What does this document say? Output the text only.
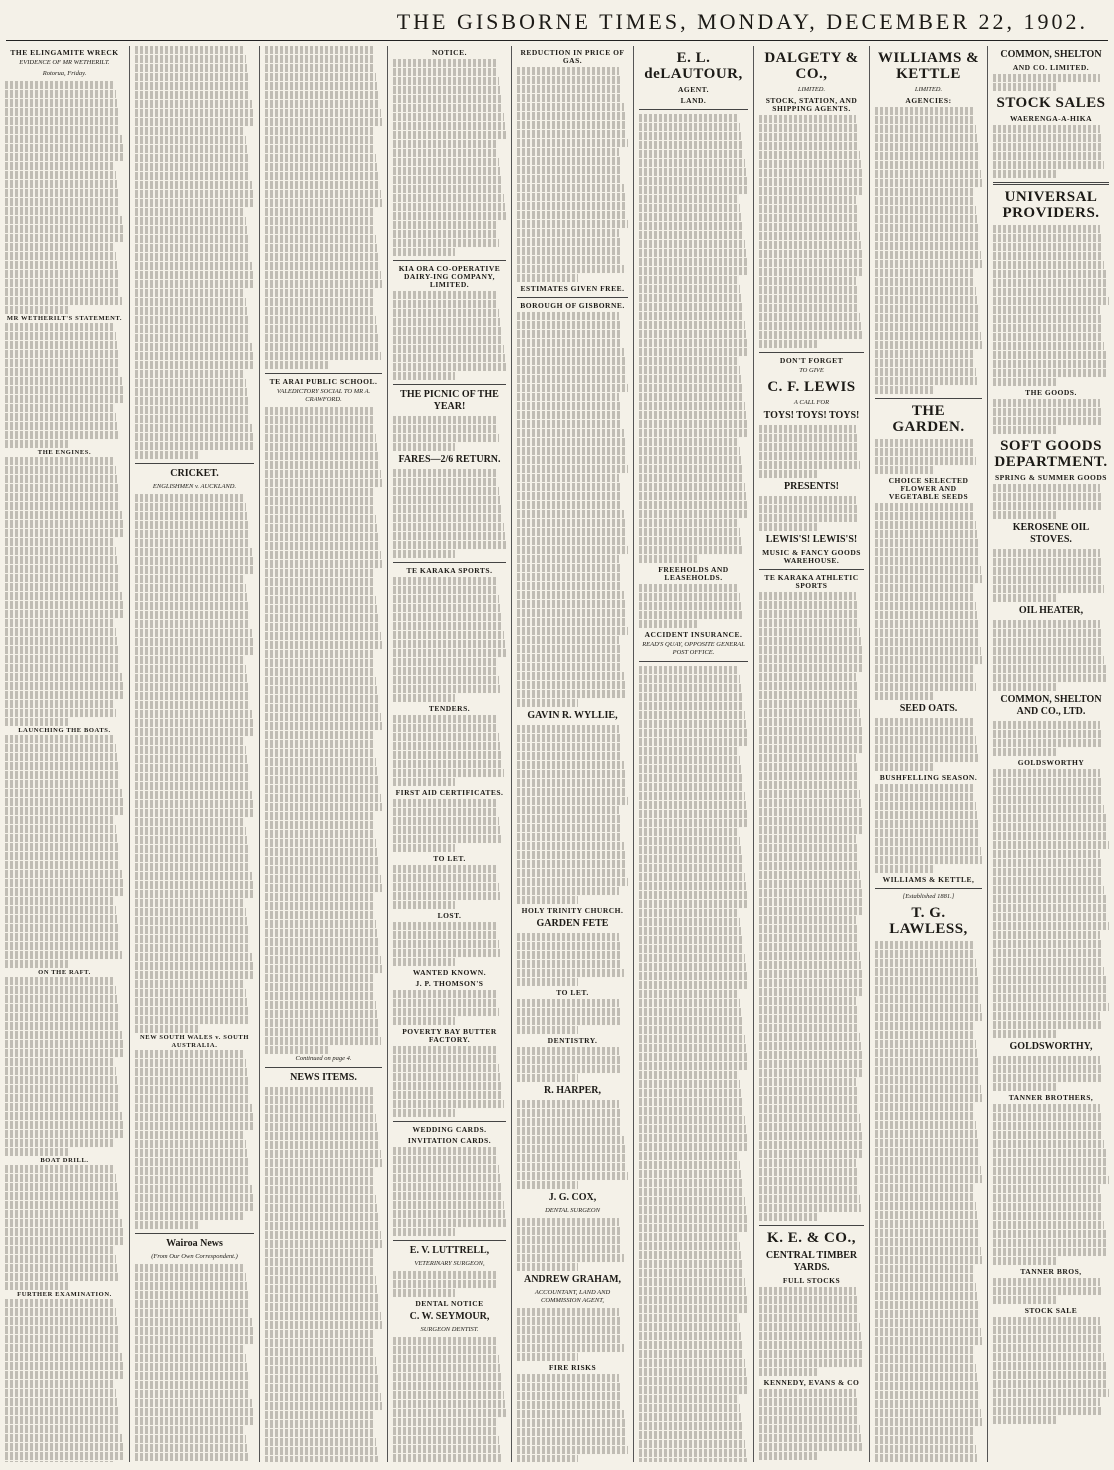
THE GISBORNE TIMES, MONDAY, DECEMBER 22, 1902.
THE ELINGAMITE WRECK
EVIDENCE OF MR WETHERILT.
Rotorua, Friday.
MR WETHERILT'S STATEMENT.
THE ENGINES.
LAUNCHING THE BOATS.
ON THE RAFT.
BOAT DRILL.
FURTHER EXAMINATION.
CRICKET.
ENGLISHMEN v. AUCKLAND.
NEW SOUTH WALES v. SOUTH AUSTRALIA.
Wairoa News
(From Our Own Correspondent.)
TE ARAI PUBLIC SCHOOL.
VALEDICTORY SOCIAL TO MR A. CRAWFORD.
Continued on page 4.
NEWS ITEMS.
NOTICE.
KIA ORA CO-OPERATIVE DAIRY-ING COMPANY, LIMITED.
THE PICNIC OF THE YEAR!
FARES—2/6 RETURN.
TE KARAKA SPORTS.
TENDERS.
FIRST AID CERTIFICATES.
TO LET.
LOST.
WANTED KNOWN.
J. P. THOMSON'S
POVERTY BAY BUTTER FACTORY.
WEDDING CARDS.
INVITATION CARDS.
E. V. LUTTRELL,
VETERINARY SURGEON,
DENTAL NOTICE
C. W. SEYMOUR,
SURGEON DENTIST.
REDUCTION IN PRICE OF GAS.
ESTIMATES GIVEN FREE.
BOROUGH OF GISBORNE.
GAVIN R. WYLLIE,
HOLY TRINITY CHURCH.
GARDEN FETE
TO LET.
DENTISTRY.
R. HARPER,
J. G. COX,
DENTAL SURGEON
ANDREW GRAHAM,
ACCOUNTANT, LAND AND COMMISSION AGENT,
FIRE RISKS
E. L. deLAUTOUR,
AGENT.
LAND.
FREEHOLDS AND LEASEHOLDS.
ACCIDENT INSURANCE.
READ'S QUAY, OPPOSITE GENERAL POST OFFICE.
DALGETY & CO.,
LIMITED.
STOCK, STATION, AND SHIPPING AGENTS.
DON'T FORGET
TO GIVE
C. F. LEWIS
A CALL FOR
TOYS! TOYS! TOYS!
PRESENTS!
LEWIS'S! LEWIS'S!
MUSIC & FANCY GOODS WAREHOUSE.
TE KARAKA ATHLETIC SPORTS
K. E. & CO.,
CENTRAL TIMBER YARDS.
FULL STOCKS
KENNEDY, EVANS & CO
WILLIAMS & KETTLE
LIMITED.
AGENCIES:
THE GARDEN.
CHOICE SELECTED FLOWER AND VEGETABLE SEEDS
SEED OATS.
BUSHFELLING SEASON.
WILLIAMS & KETTLE,
[Established 1881.]
T. G. LAWLESS,
COMMON, SHELTON
AND CO. LIMITED.
STOCK SALES
WAERENGA-A-HIKA
UNIVERSAL PROVIDERS.
THE GOODS.
SOFT GOODS DEPARTMENT.
SPRING & SUMMER GOODS
KEROSENE OIL STOVES.
OIL HEATER,
COMMON, SHELTON AND CO., LTD.
GOLDSWORTHY
GOLDSWORTHY,
TANNER BROTHERS,
TANNER BROS,
STOCK SALE
